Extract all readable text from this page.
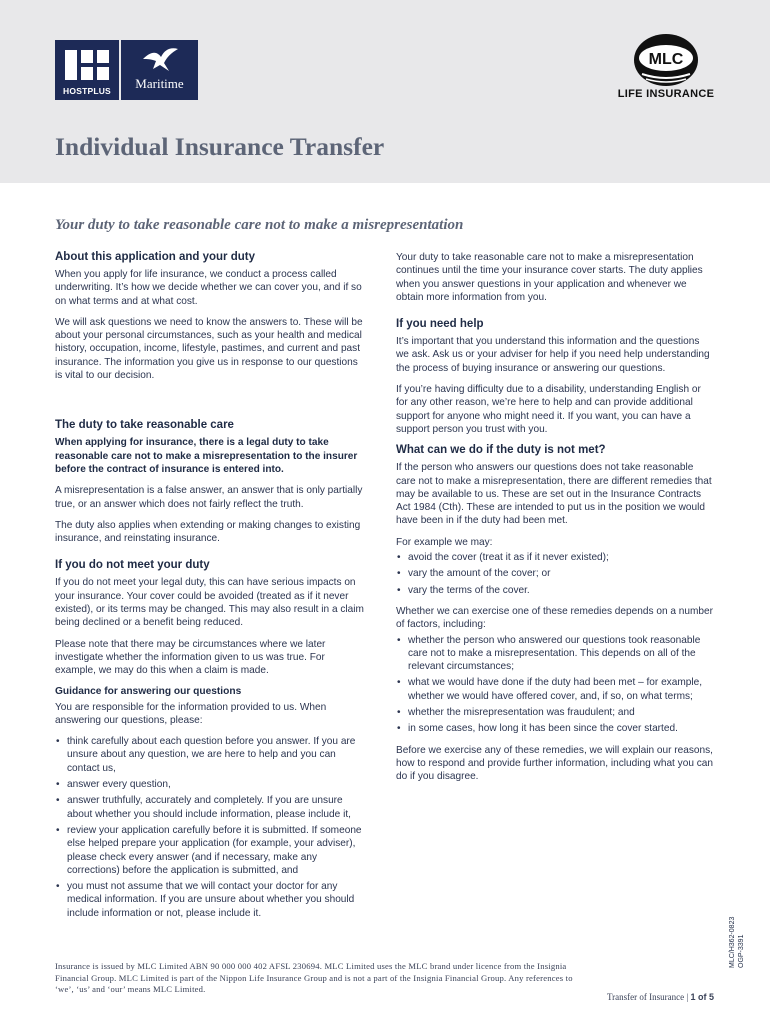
HOSTPLUS	Maritime
MLC
LIFE INSURANCE
Individual Insurance Transfer
Your duty to take reasonable care not to make a misrepresentation
About this application and your duty

When you apply for life insurance, we conduct a process called underwriting. It’s how we decide whether we can cover you, and if so on what terms and at what cost.

We will ask questions we need to know the answers to. These will be about your personal circumstances, such as your health and medical history, occupation, income, lifestyle, pastimes, and current and past insurance. The information you give us in response to our questions is vital to our decision.

The duty to take reasonable care

When applying for insurance, there is a legal duty to take reasonable care not to make a misrepresentation to the insurer before the contract of insurance is entered into.

A misrepresentation is a false answer, an answer that is only partially true, or an answer which does not fairly reflect the truth.

The duty also applies when extending or making changes to existing insurance, and reinstating insurance.

If you do not meet your duty

If you do not meet your legal duty, this can have serious impacts on your insurance. Your cover could be avoided (treated as if it never existed), or its terms may be changed. This may also result in a claim being declined or a benefit being reduced.

Please note that there may be circumstances where we later investigate whether the information given to us was true. For example, we may do this when a claim is made.

Guidance for answering our questions

You are responsible for the information provided to us. When answering our questions, please:

• think carefully about each question before you answer. If you are unsure about any question, we are here to help and you can contact us,
• answer every question,
• answer truthfully, accurately and completely. If you are unsure about whether you should include information, please include it,
• review your application carefully before it is submitted. If someone else helped prepare your application (for example, your adviser), please check every answer (and if necessary, make any corrections) before the application is submitted, and
• you must not assume that we will contact your doctor for any medical information. If you are unsure about whether you should include information or not, please include it.

Your duty to take reasonable care not to make a misrepresentation continues until the time your insurance cover starts. The duty applies when you answer questions in your application and whenever we obtain more information from you.

If you need help

It’s important that you understand this information and the questions we ask. Ask us or your adviser for help if you need help understanding the process of buying insurance or answering our questions.

If you’re having difficulty due to a disability, understanding English or for any other reason, we’re here to help and can provide additional support for anyone who might need it. If you want, you can have a support person you trust with you.

What can we do if the duty is not met?

If the person who answers our questions does not take reasonable care not to make a misrepresentation, there are different remedies that may be available to us. These are set out in the Insurance Contracts Act 1984 (Cth). These are intended to put us in the position we would have been in if the duty had been met.

For example we may:

• avoid the cover (treat it as if it never existed);
• vary the amount of the cover; or
• vary the terms of the cover.

Whether we can exercise one of these remedies depends on a number of factors, including:

• whether the person who answered our questions took reasonable care not to make a misrepresentation. This depends on all of the relevant circumstances;
• what we would have done if the duty had been met – for example, whether we would have offered cover, and, if so, on what terms;
• whether the misrepresentation was fraudulent; and
• in some cases, how long it has been since the cover started.

Before we exercise any of these remedies, we will explain our reasons, how to respond and provide further information, including what you can do if you disagree.

MLC/H362-0823 OGP-3391
Insurance is issued by MLC Limited ABN 90 000 000 402 AFSL 230694. MLC Limited uses the MLC brand under licence from the Insignia Financial Group. MLC Limited is part of the Nippon Life Insurance Group and is not a part of the Insignia Financial Group. Any references to ‘we’, ‘us’ and ‘our’ means MLC Limited.
Transfer of Insurance | 1 of 5
